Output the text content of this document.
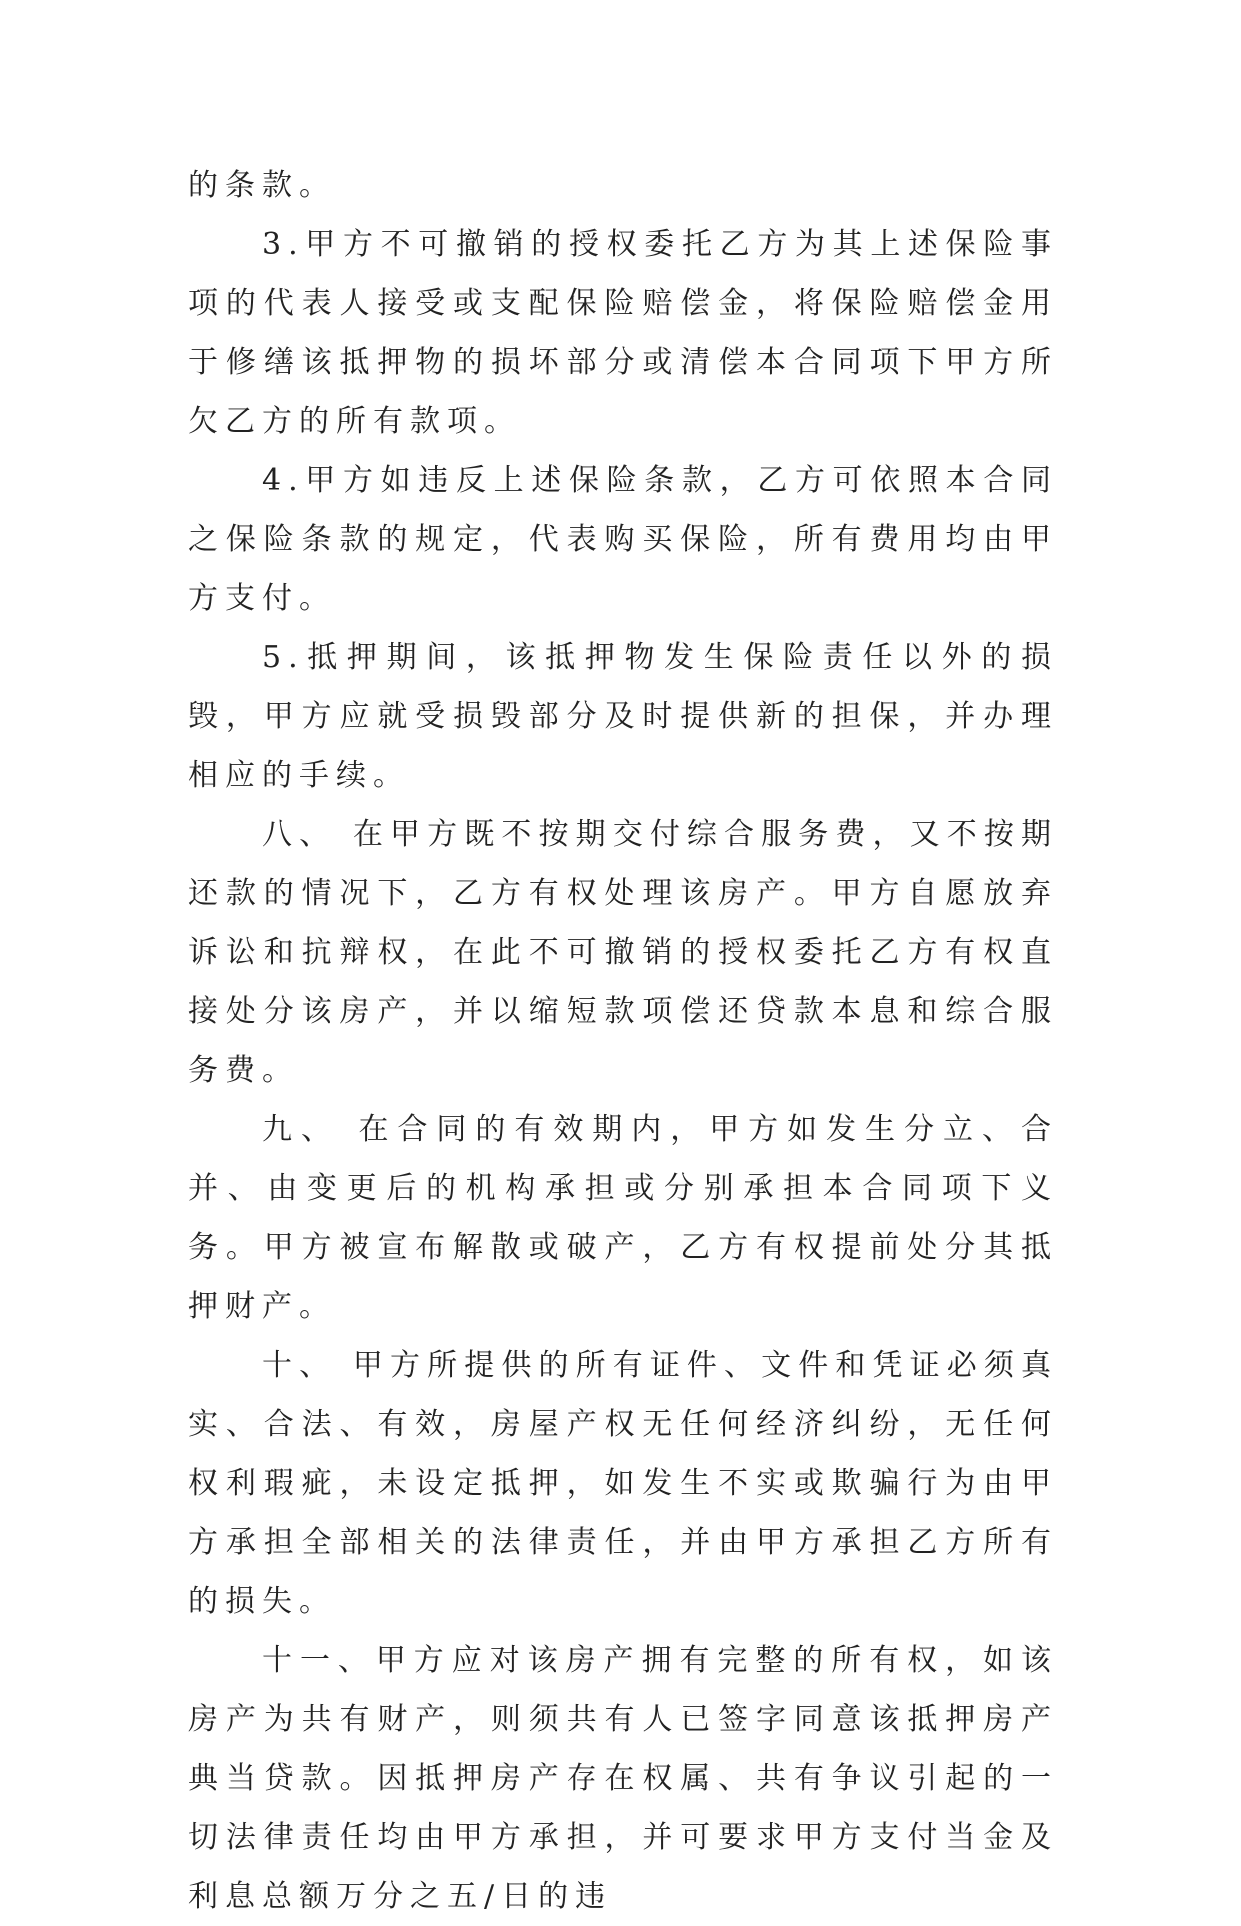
的条款。

3.甲方不可撤销的授权委托乙方为其上述保险事项的代表人接受或支配保险赔偿金，将保险赔偿金用于修缮该抵押物的损坏部分或清偿本合同项下甲方所欠乙方的所有款项。

4.甲方如违反上述保险条款，乙方可依照本合同之保险条款的规定，代表购买保险，所有费用均由甲方支付。

5.抵押期间，该抵押物发生保险责任以外的损毁，甲方应就受损毁部分及时提供新的担保，并办理相应的手续。

八、 在甲方既不按期交付综合服务费，又不按期还款的情况下，乙方有权处理该房产。甲方自愿放弃诉讼和抗辩权，在此不可撤销的授权委托乙方有权直接处分该房产，并以缩短款项偿还贷款本息和综合服务费。

九、 在合同的有效期内，甲方如发生分立、合并、由变更后的机构承担或分别承担本合同项下义务。甲方被宣布解散或破产，乙方有权提前处分其抵押财产。

十、 甲方所提供的所有证件、文件和凭证必须真实、合法、有效，房屋产权无任何经济纠纷，无任何权利瑕疵，未设定抵押，如发生不实或欺骗行为由甲方承担全部相关的法律责任，并由甲方承担乙方所有的损失。

十一、甲方应对该房产拥有完整的所有权，如该房产为共有财产，则须共有人已签字同意该抵押房产典当贷款。因抵押房产存在权属、共有争议引起的一切法律责任均由甲方承担，并可要求甲方支付当金及利息总额万分之五/日的违
